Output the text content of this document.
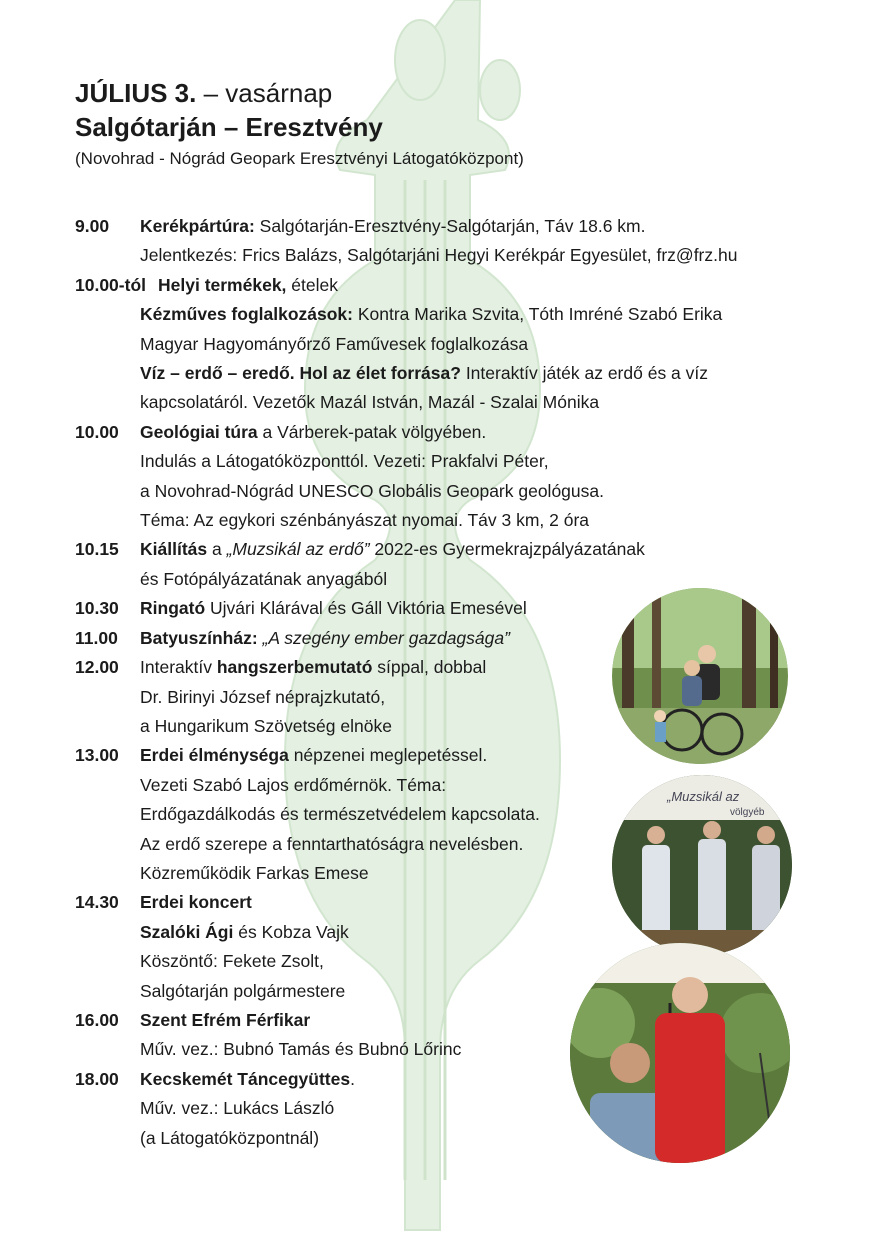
JÚLIUS 3. – vasárnap

Salgótarján – Eresztvény

(Novohrad - Nógrád Geopark Eresztvényi Látogatóközpont)

9.00	Kerékpártúra: Salgótarján-Eresztvény-Salgótarján, Táv 18.6 km.
Jelentkezés: Frics Balázs, Salgótarjáni Hegyi Kerékpár Egyesület, frz@frz.hu
10.00-tól Helyi termékek, ételek
Kézműves foglalkozások: Kontra Marika Szvita, Tóth Imréné Szabó Erika
Magyar Hagyományőrző Faművesek foglalkozása
Víz – erdő – eredő. Hol az élet forrása? Interaktív játék az erdő és a víz
kapcsolatáról. Vezetők Mazál István, Mazál - Szalai Mónika
10.00	Geológiai túra a Várberek-patak völgyében.
Indulás a Látogatóközponttól. Vezeti: Prakfalvi Péter,
a Novohrad-Nógrád UNESCO Globális Geopark geológusa.
Téma: Az egykori szénbányászat nyomai. Táv 3 km, 2 óra
10.15	Kiállítás a „Muzsikál az erdő” 2022-es Gyermekrajzpályázatának
és Fotópályázatának anyagából
10.30	Ringató Ujvári Klárával és Gáll Viktória Emesével
11.00	Batyuszínház: „A szegény ember gazdagsága”
12.00	Interaktív hangszerbemutató síppal, dobbal
Dr. Birinyi József néprajzkutató,
a Hungarikum Szövetség elnöke
13.00	Erdei élménységa népzenei meglepetéssel.
Vezeti Szabó Lajos erdőmérnök. Téma:
Erdőgazdálkodás és természetvédelem kapcsolata.
Az erdő szerepe a fenntarthatóságra nevelésben.
Közreműködik Farkas Emese
14.30	Erdei koncert
Szalóki Ági és Kobza Vajk
Köszöntő: Fekete Zsolt,
Salgótarján polgármestere
16.00	Szent Efrém Férfikar
Műv. vez.: Bubnó Tamás és Bubnó Lőrinc
18.00	Kecskemét Táncegyüttes.
Műv. vez.: Lukács László
(a Látogatóközpontnál)
„Muzsikál az
völgyéb
